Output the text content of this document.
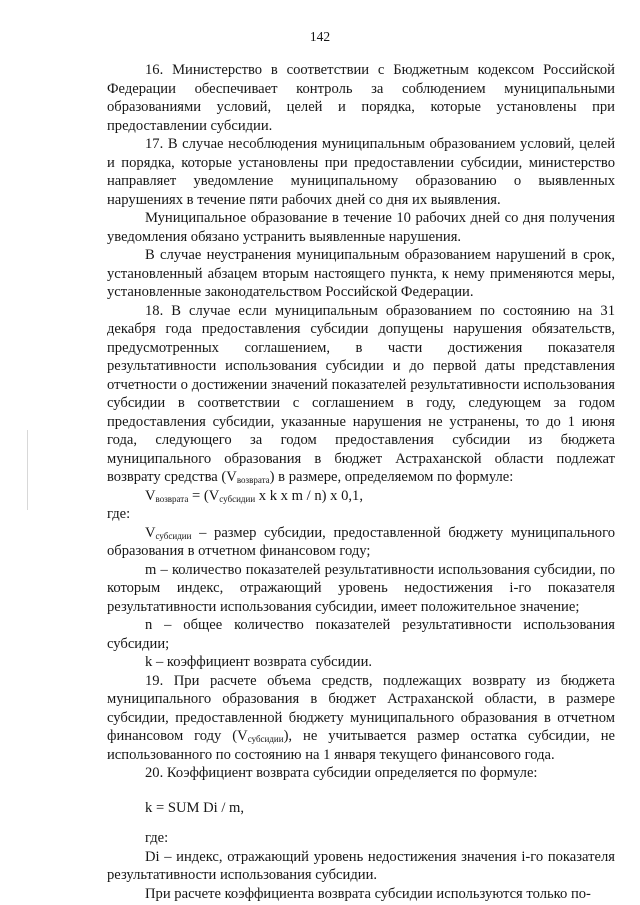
142

16. Министерство в соответствии с Бюджетным кодексом Российской Федерации обеспечивает контроль за соблюдением муниципальными образованиями условий, целей и порядка, которые установлены при предоставлении субсидии.

17. В случае несоблюдения муниципальным образованием условий, целей и порядка, которые установлены при предоставлении субсидии, министерство направляет уведомление муниципальному образованию о выявленных нарушениях в течение пяти рабочих дней со дня их выявления.

Муниципальное образование в течение 10 рабочих дней со дня получения уведомления обязано устранить выявленные нарушения.

В случае неустранения муниципальным образованием нарушений в срок, установленный абзацем вторым настоящего пункта, к нему применяются меры, установленные законодательством Российской Федерации.

18. В случае если муниципальным образованием по состоянию на 31 декабря года предоставления субсидии допущены нарушения обязательств, предусмотренных соглашением, в части достижения показателя результативности использования субсидии и до первой даты представления отчетности о достижении значений показателей результативности использования субсидии в соответствии с соглашением в году, следующем за годом предоставления субсидии, указанные нарушения не устранены, то до 1 июня года, следующего за годом предоставления субсидии из бюджета муниципального образования в бюджет Астраханской области подлежат возврату средства $(V_{возврата})$ в размере, определяемом по формуле:

$V_{возврата} = (V_{субсидии}$ x k x m / n) x 0,1,

где:

$V_{субсидии}$ – размер субсидии, предоставленной бюджету муниципального образования в отчетном финансовом году;

m – количество показателей результативности использования субсидии, по которым индекс, отражающий уровень недостижения i-го показателя результативности использования субсидии, имеет положительное значение;

n – общее количество показателей результативности использования субсидии;

k – коэффициент возврата субсидии.

19. При расчете объема средств, подлежащих возврату из бюджета муниципального образования в бюджет Астраханской области, в размере субсидии, предоставленной бюджету муниципального образования в отчетном финансовом году $(V_{субсидии})$, не учитывается размер остатка субсидии, не использованного по состоянию на 1 января текущего финансового года.

20. Коэффициент возврата субсидии определяется по формуле:

k = SUM Di / m,

где:

Di – индекс, отражающий уровень недостижения значения i-го показателя результативности использования субсидии.

При расчете коэффициента возврата субсидии используются только по-
